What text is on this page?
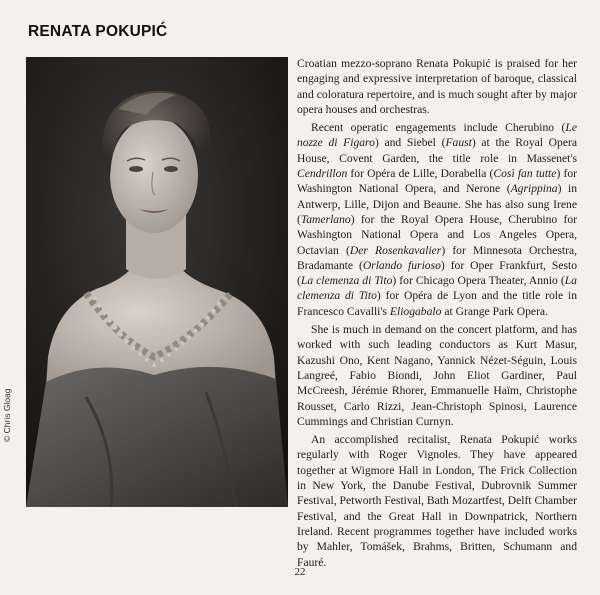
RENATA POKUPIĆ
© Chris Gloag

Croatian mezzo-soprano Renata Pokupić is praised for her engaging and expressive interpretation of baroque, classical and coloratura repertoire, and is much sought after by major opera houses and orchestras.

Recent operatic engagements include Cherubino (Le nozze di Figaro) and Siebel (Faust) at the Royal Opera House, Covent Garden, the title role in Massenet's Cendrillon for Opéra de Lille, Dorabella (Così fan tutte) for Washington National Opera, and Nerone (Agrippina) in Antwerp, Lille, Dijon and Beaune. She has also sung Irene (Tamerlano) for the Royal Opera House, Cherubino for Washington National Opera and Los Angeles Opera, Octavian (Der Rosenkavalier) for Minnesota Orchestra, Bradamante (Orlando furioso) for Oper Frankfurt, Sesto (La clemenza di Tito) for Chicago Opera Theater, Annio (La clemenza di Tito) for Opéra de Lyon and the title role in Francesco Cavalli's Eliogabalo at Grange Park Opera.

She is much in demand on the concert platform, and has worked with such leading conductors as Kurt Masur, Kazushi Ono, Kent Nagano, Yannick Nézet-Séguin, Louis Langreé, Fabio Biondi, John Eliot Gardiner, Paul McCreesh, Jérémie Rhorer, Emmanuelle Haïm, Christophe Rousset, Carlo Rizzi, Jean-Christoph Spinosi, Laurence Cummings and Christian Curnyn.

An accomplished recitalist, Renata Pokupić works regularly with Roger Vignoles. They have appeared together at Wigmore Hall in London, The Frick Collection in New York, the Danube Festival, Dubrovnik Summer Festival, Petworth Festival, Bath Mozartfest, Delft Chamber Festival, and the Great Hall in Downpatrick, Northern Ireland. Recent programmes together have included works by Mahler, Tomášek, Brahms, Britten, Schumann and Fauré.

22
